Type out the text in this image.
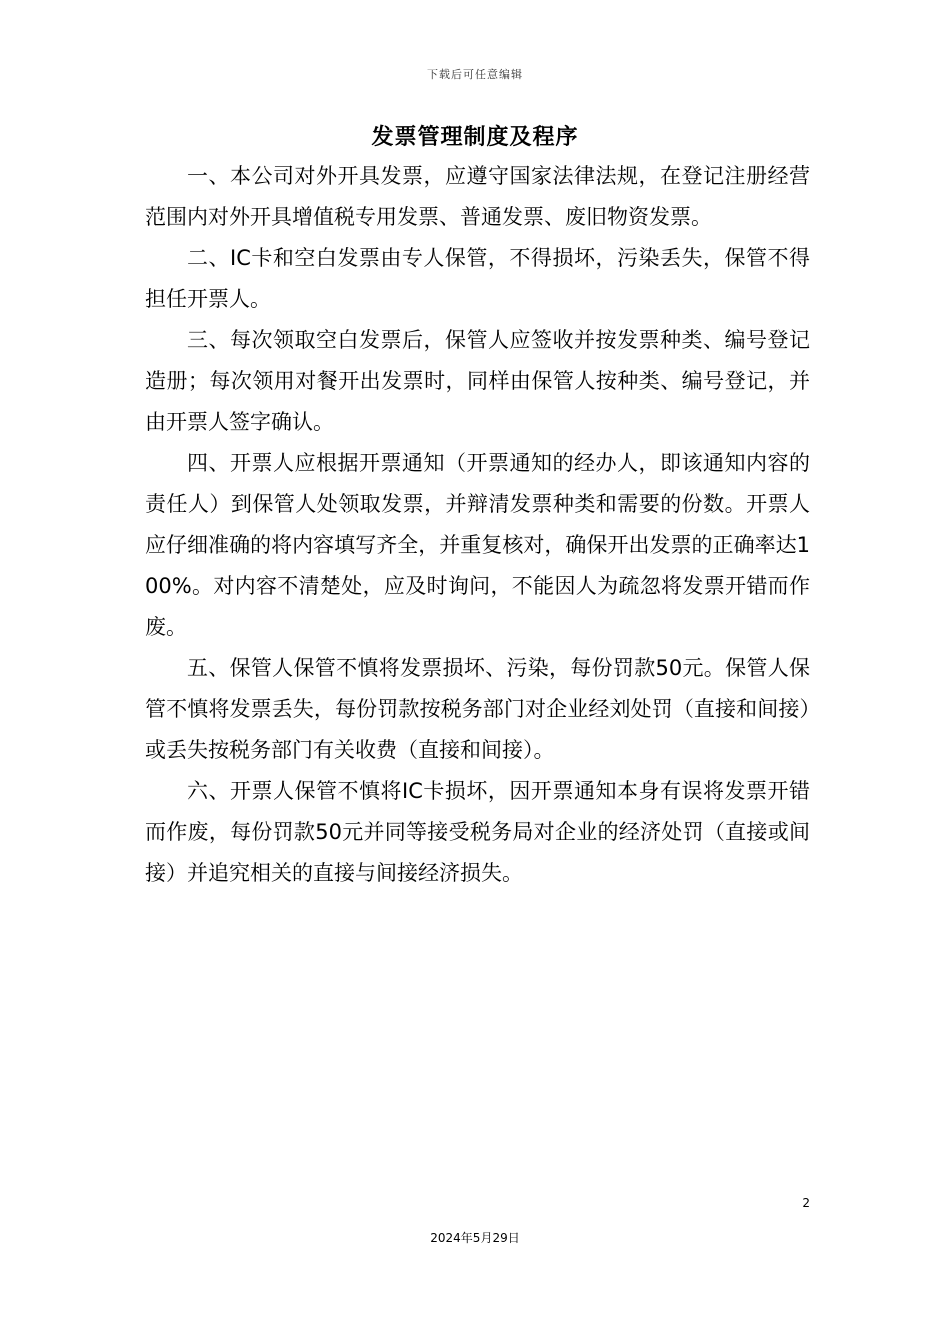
下载后可任意编辑
发票管理制度及程序

一、本公司对外开具发票，应遵守国家法律法规，在登记注册经营范围内对外开具增值税专用发票、普通发票、废旧物资发票。

二、IC卡和空白发票由专人保管，不得损坏，污染丢失，保管不得担任开票人。

三、每次领取空白发票后，保管人应签收并按发票种类、编号登记造册；每次领用对餐开出发票时，同样由保管人按种类、编号登记，并由开票人签字确认。

四、开票人应根据开票通知（开票通知的经办人，即该通知内容的责任人）到保管人处领取发票，并辩清发票种类和需要的份数。开票人应仔细准确的将内容填写齐全，并重复核对，确保开出发票的正确率达100%。对内容不清楚处，应及时询问，不能因人为疏忽将发票开错而作废。

五、保管人保管不慎将发票损坏、污染，每份罚款50元。保管人保管不慎将发票丢失，每份罚款按税务部门对企业经刘处罚（直接和间接）或丢失按税务部门有关收费（直接和间接）。

六、开票人保管不慎将IC卡损坏，因开票通知本身有误将发票开错而作废，每份罚款50元并同等接受税务局对企业的经济处罚（直接或间接）并追究相关的直接与间接经济损失。

2
2024年5月29日
